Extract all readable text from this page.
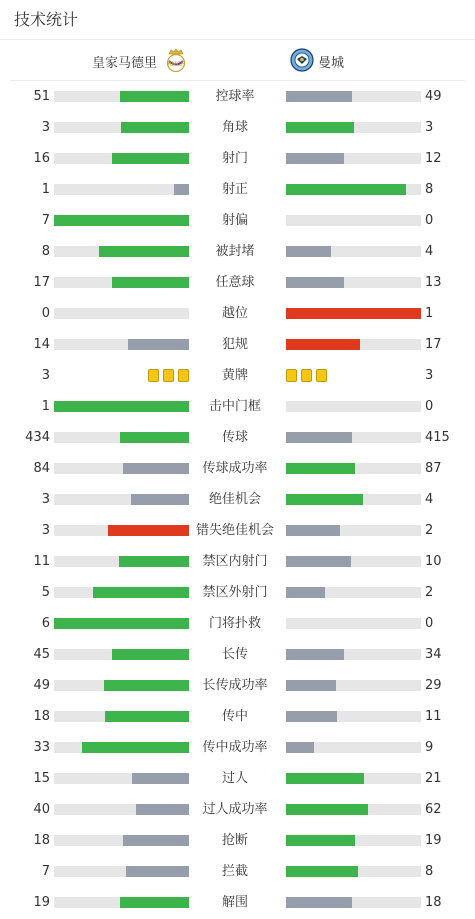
技术统计
皇家马德里 RMCF	曼城
51	控球率	49
3	角球	3
16	射门	12
1	射正	8
7	射偏	0
8	被封堵	4
17	任意球	13
0	越位	1
14	犯规	17
3	黄牌	3
1	击中门框	0
434	传球	415
84	传球成功率	87
3	绝佳机会	4
3	错失绝佳机会	2
11	禁区内射门	10
5	禁区外射门	2
6	门将扑救	0
45	长传	34
49	长传成功率	29
18	传中	11
33	传中成功率	9
15	过人	21
40	过人成功率	62
18	抢断	19
7	拦截	8
19	解围	18
